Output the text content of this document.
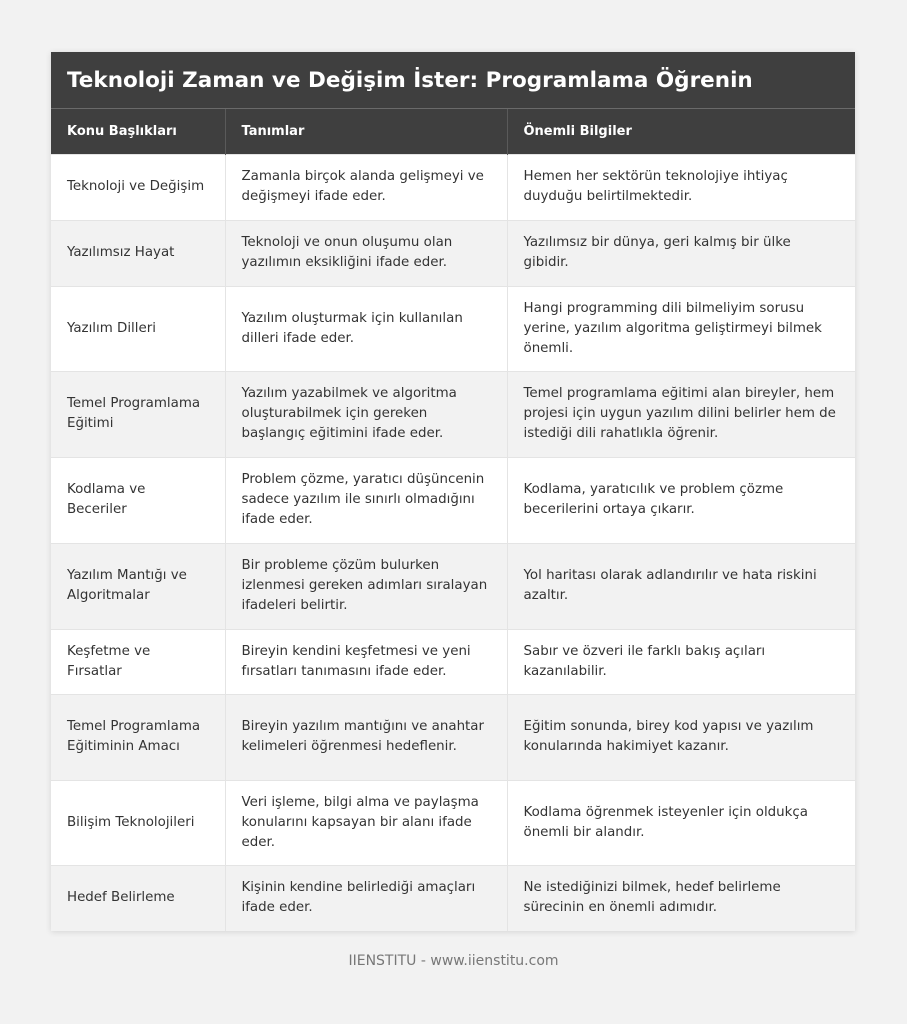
Teknoloji Zaman ve Değişim İster: Programlama Öğrenin
Konu Başlıkları	Tanımlar	Önemli Bilgiler
Teknoloji ve Değişim	Zamanla birçok alanda gelişmeyi ve değişmeyi ifade eder.	Hemen her sektörün teknolojiye ihtiyaç duyduğu belirtilmektedir.
Yazılımsız Hayat	Teknoloji ve onun oluşumu olan yazılımın eksikliğini ifade eder.	Yazılımsız bir dünya, geri kalmış bir ülke gibidir.
Yazılım Dilleri	Yazılım oluşturmak için kullanılan dilleri ifade eder.	Hangi programming dili bilmeliyim sorusu yerine, yazılım algoritma geliştirmeyi bilmek önemli.
Temel Programlama Eğitimi	Yazılım yazabilmek ve algoritma oluşturabilmek için gereken başlangıç eğitimini ifade eder.	Temel programlama eğitimi alan bireyler, hem projesi için uygun yazılım dilini belirler hem de istediği dili rahatlıkla öğrenir.
Kodlama ve Beceriler	Problem çözme, yaratıcı düşüncenin sadece yazılım ile sınırlı olmadığını ifade eder.	Kodlama, yaratıcılık ve problem çözme becerilerini ortaya çıkarır.
Yazılım Mantığı ve Algoritmalar	Bir probleme çözüm bulurken izlenmesi gereken adımları sıralayan ifadeleri belirtir.	Yol haritası olarak adlandırılır ve hata riskini azaltır.
Keşfetme ve Fırsatlar	Bireyin kendini keşfetmesi ve yeni fırsatları tanımasını ifade eder.	Sabır ve özveri ile farklı bakış açıları kazanılabilir.
Temel Programlama Eğitiminin Amacı	Bireyin yazılım mantığını ve anahtar kelimeleri öğrenmesi hedeflenir.	Eğitim sonunda, birey kod yapısı ve yazılım konularında hakimiyet kazanır.
Bilişim Teknolojileri	Veri işleme, bilgi alma ve paylaşma konularını kapsayan bir alanı ifade eder.	Kodlama öğrenmek isteyenler için oldukça önemli bir alandır.
Hedef Belirleme	Kişinin kendine belirlediği amaçları ifade eder.	Ne istediğinizi bilmek, hedef belirleme sürecinin en önemli adımıdır.
IIENSTITU - www.iienstitu.com
